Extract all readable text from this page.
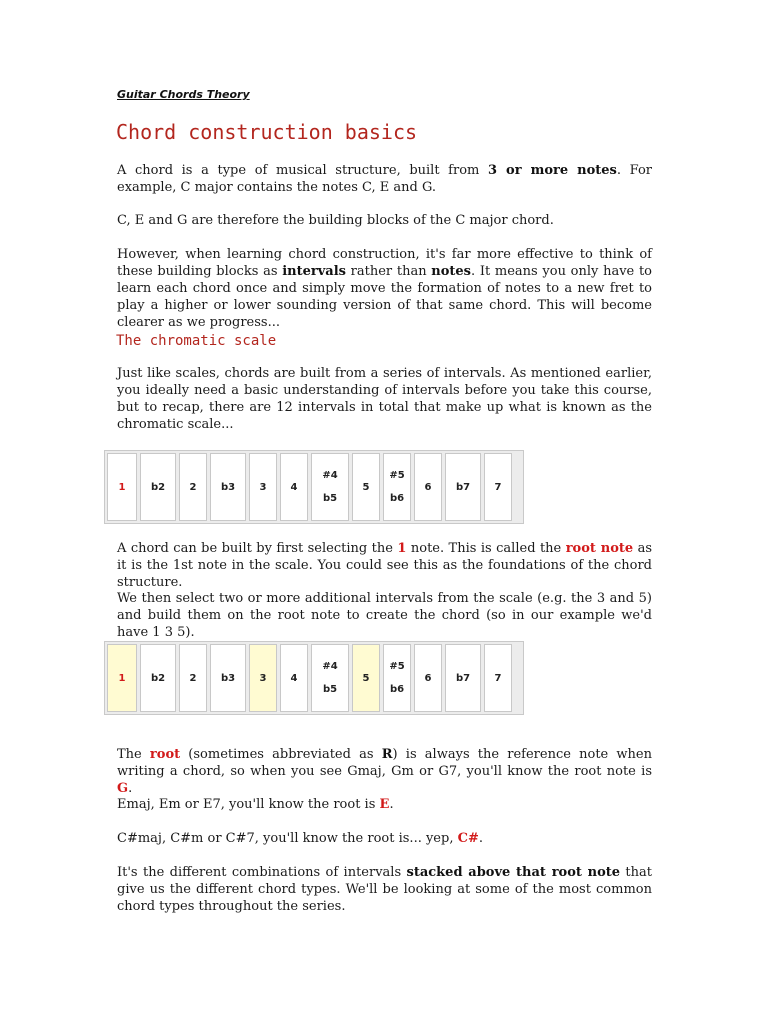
Guitar Chords Theory
Chord construction basics

A chord is a type of musical structure, built from 3 or more notes. For example, C major contains the notes C, E and G.

C, E and G are therefore the building blocks of the C major chord.

However, when learning chord construction, it's far more effective to think of these building blocks as intervals rather than notes. It means you only have to learn each chord once and simply move the formation of notes to a new fret to play a higher or lower sounding version of that same chord. This will become clearer as we progress...

The chromatic scale

Just like scales, chords are built from a series of intervals. As mentioned earlier, you ideally need a basic understanding of intervals before you take this course, but to recap, there are 12 intervals in total that make up what is known as the chromatic scale...

1	b2 2 b3 3 4
#4
b5
5
#5
b6
6 b7 7

A chord can be built by first selecting the 1 note. This is called the root note as it is the 1st note in the scale. You could see this as the foundations of the chord structure.

We then select two or more additional intervals from the scale (e.g. the 3 and 5) and build them on the root note to create the chord (so in our example we'd have 1 3 5).

1	b2 2 b3 3 4
#4
b5
5
#5
b6
6 b7 7

The root (sometimes abbreviated as R) is always the reference note when writing a chord, so when you see Gmaj, Gm or G7, you'll know the root note is G.

Emaj, Em or E7, you'll know the root is E.

C#maj, C#m or C#7, you'll know the root is... yep, C#.

It's the different combinations of intervals stacked above that root note that give us the different chord types. We'll be looking at some of the most common chord types throughout the series.
